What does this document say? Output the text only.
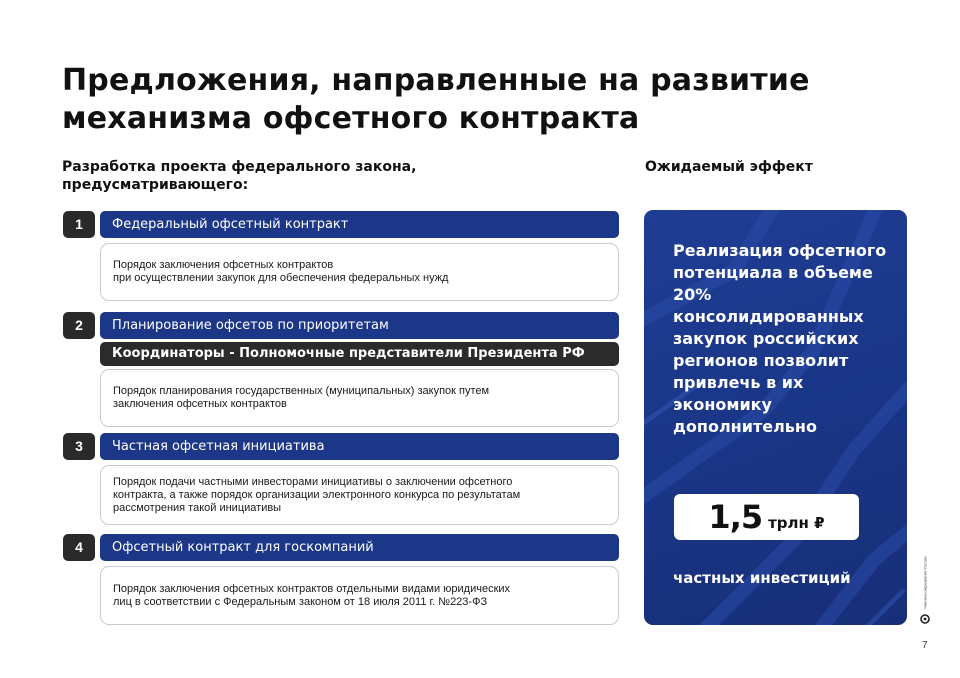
Предложения, направленные на развитие механизма офсетного контракта
Разработка проекта федерального закона, предусматривающего:
Ожидаемый эффект
1	Федеральный офсетный контракт
Порядок заключения офсетных контрактов
при осуществлении закупок для обеспечения федеральных нужд
2	Планирование офсетов по приоритетам
Координаторы - Полномочные представители Президента РФ
Порядок планирования государственных (муниципальных) закупок путем
заключения офсетных контрактов
3	Частная офсетная инициатива
Порядок подачи частными инвесторами инициативы о заключении офсетного
контракта, а также порядок организации электронного конкурса по результатам
рассмотрения такой инициативы
4	Офсетный контракт для госкомпаний
Порядок заключения офсетных контрактов отдельными видами юридических
лиц в соответствии с Федеральным законом от 18 июля 2011 г. №223-ФЗ
Реализация офсетного потенциала в объеме 20% консолидированных закупок российских регионов позволит привлечь в их экономику дополнительно
1,5 трлн ₽
частных инвестиций	Минэкономразвития России
7
